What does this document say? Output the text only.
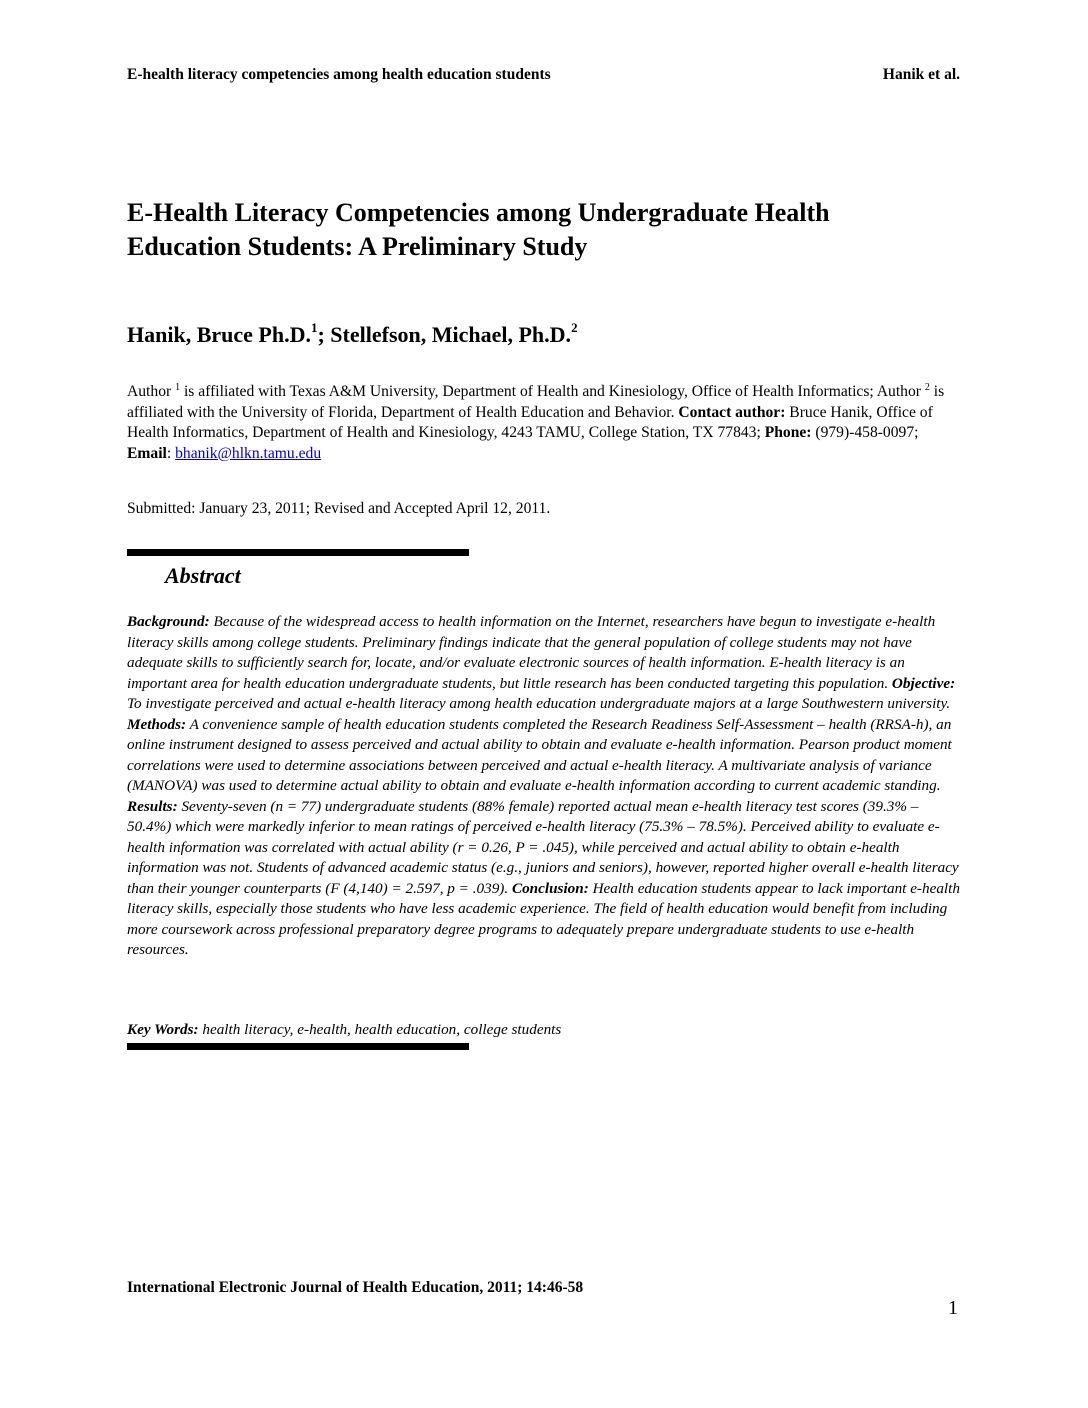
E-health literacy competencies among health education students	Hanik et al.
E-Health Literacy Competencies among Undergraduate Health
Education Students: A Preliminary Study
Hanik, Bruce Ph.D.$^1$; Stellefson, Michael, Ph.D.$^2$
Author $^1$ is affiliated with Texas A&M University, Department of Health and Kinesiology, Office of Health Informatics; Author $^2$ is affiliated with the University of Florida, Department of Health Education and Behavior. Contact author: Bruce Hanik, Office of Health Informatics, Department of Health and Kinesiology, 4243 TAMU, College Station, TX 77843; Phone: (979)-458-0097; Email: bhanik@hlkn.tamu.edu
Submitted: January 23, 2011; Revised and Accepted April 12, 2011.
Abstract
Background: Because of the widespread access to health information on the Internet, researchers have begun to investigate e-health literacy skills among college students. Preliminary findings indicate that the general population of college students may not have adequate skills to sufficiently search for, locate, and/or evaluate electronic sources of health information. E-health literacy is an important area for health education undergraduate students, but little research has been conducted targeting this population. Objective: To investigate perceived and actual e-health literacy among health education undergraduate majors at a large Southwestern university. Methods: A convenience sample of health education students completed the Research Readiness Self-Assessment – health (RRSA-h), an online instrument designed to assess perceived and actual ability to obtain and evaluate e-health information. Pearson product moment correlations were used to determine associations between perceived and actual e-health literacy. A multivariate analysis of variance (MANOVA) was used to determine actual ability to obtain and evaluate e-health information according to current academic standing. Results: Seventy-seven (n = 77) undergraduate students (88% female) reported actual mean e-health literacy test scores (39.3% – 50.4%) which were markedly inferior to mean ratings of perceived e-health literacy (75.3% – 78.5%). Perceived ability to evaluate e-health information was correlated with actual ability (r = 0.26, P = .045), while perceived and actual ability to obtain e-health information was not. Students of advanced academic status (e.g., juniors and seniors), however, reported higher overall e-health literacy than their younger counterparts (F (4,140) = 2.597, p = .039). Conclusion: Health education students appear to lack important e-health literacy skills, especially those students who have less academic experience. The field of health education would benefit from including more coursework across professional preparatory degree programs to adequately prepare undergraduate students to use e-health resources.
Key Words: health literacy, e-health, health education, college students
International Electronic Journal of Health Education, 2011; 14:46-58
1
